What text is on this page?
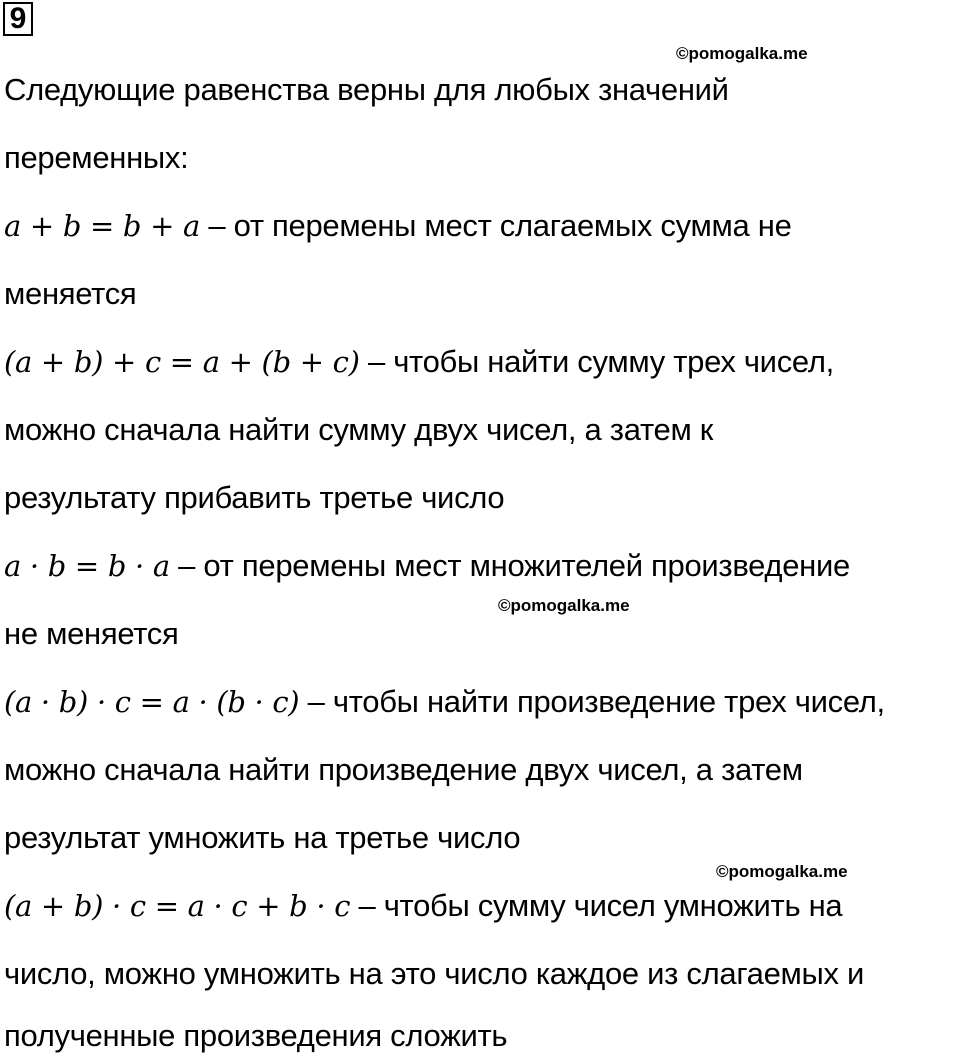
9
©pomogalka.me
©pomogalka.me
©pomogalka.me
Следующие равенства верны для любых значений
переменных:
a + b = b + a – от перемены мест слагаемых сумма не
меняется
(a + b) + c = a + (b + c) – чтобы найти сумму трех чисел,
можно сначала найти сумму двух чисел, а затем к
результату прибавить третье число
a · b = b · a – от перемены мест множителей произведение
не меняется
(a · b) · c = a · (b · c) – чтобы найти произведение трех чисел,
можно сначала найти произведение двух чисел, а затем
результат умножить на третье число
(a + b) · c = a · c + b · c – чтобы сумму чисел умножить на
число, можно умножить на это число каждое из слагаемых и
полученные произведения сложить
